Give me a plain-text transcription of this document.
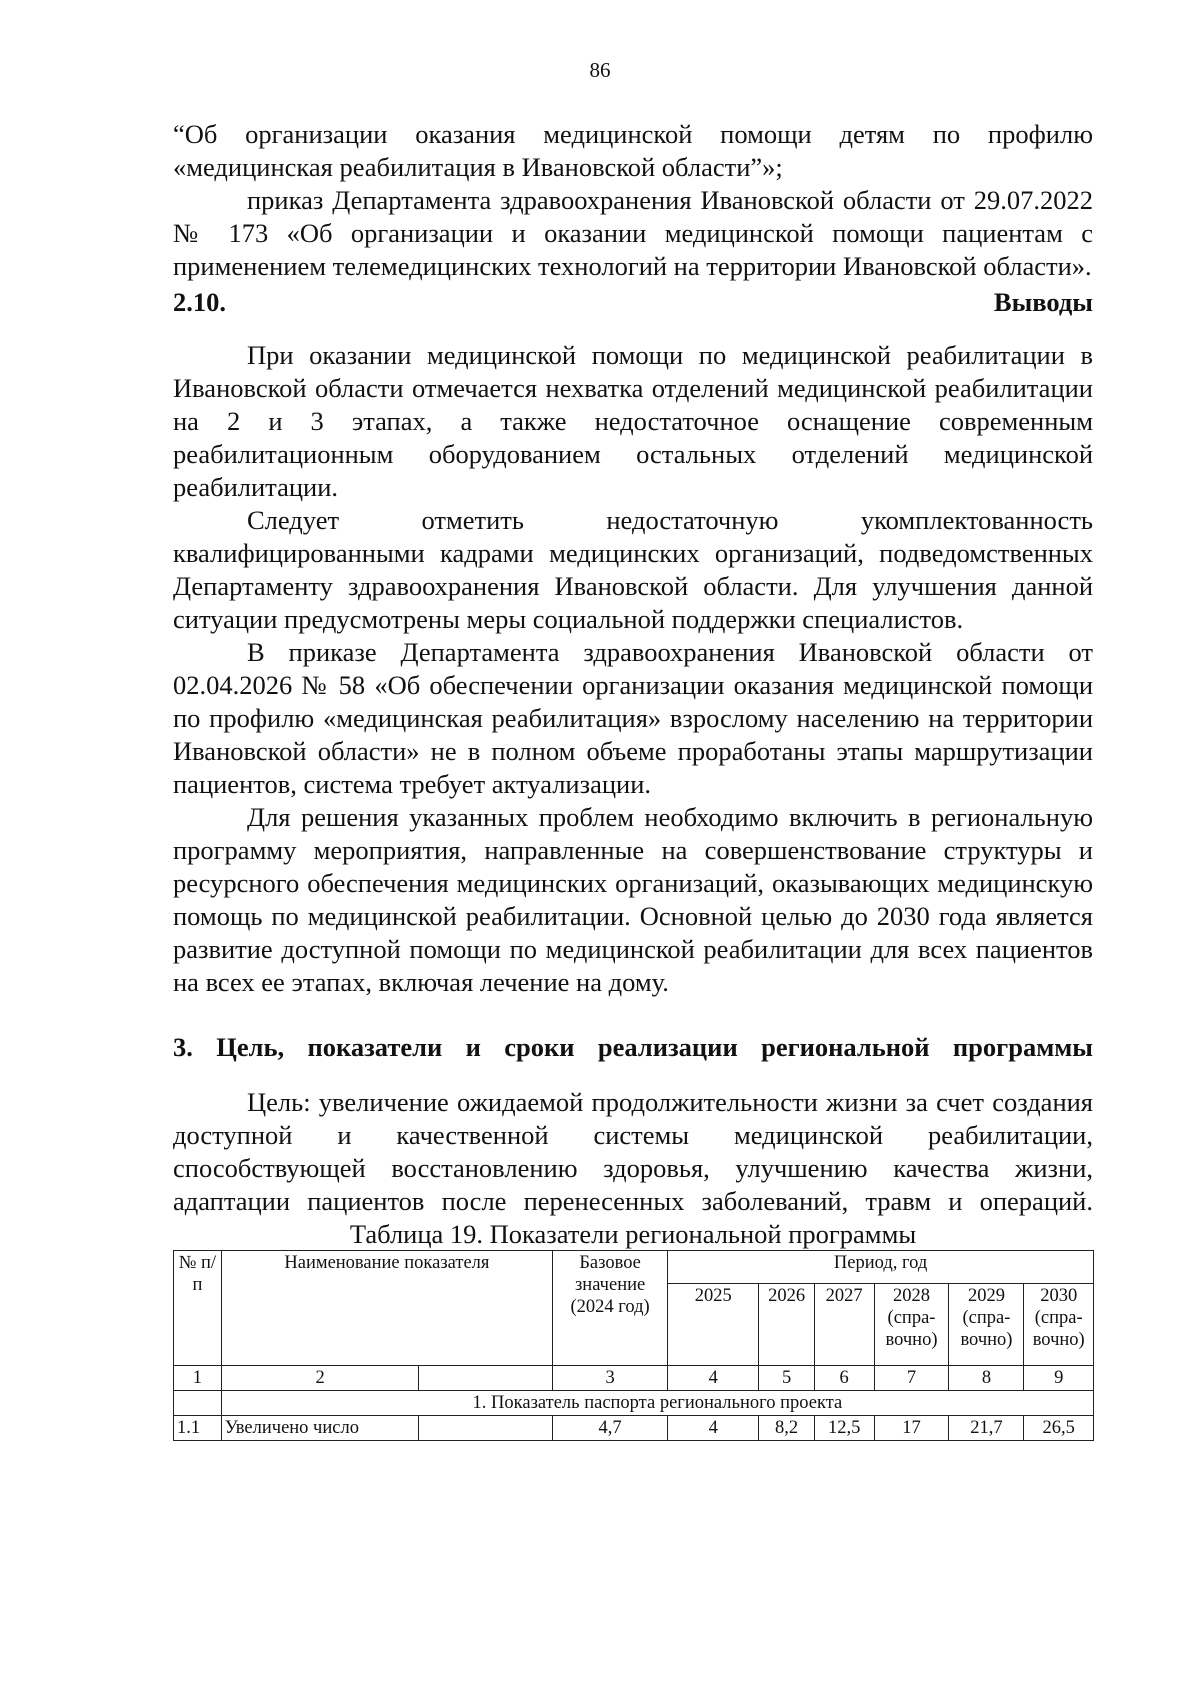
86

“Об организации оказания медицинской помощи детям по профилю «медицинская реабилитация в Ивановской области”»;

приказ Департамента здравоохранения Ивановской области от 29.07.2022 № 173 «Об организации и оказании медицинской помощи пациентам с применением телемедицинских технологий на территории Ивановской области».

2.10. Выводы

При оказании медицинской помощи по медицинской реабилитации в Ивановской области отмечается нехватка отделений медицинской реабилитации на 2 и 3 этапах, а также недостаточное оснащение современным реабилитационным оборудованием остальных отделений медицинской реабилитации.

Следует отметить недостаточную укомплектованность квалифицированными кадрами медицинских организаций, подведомственных Департаменту здравоохранения Ивановской области. Для улучшения данной ситуации предусмотрены меры социальной поддержки специалистов.

В приказе Департамента здравоохранения Ивановской области от 02.04.2026 № 58 «Об обеспечении организации оказания медицинской помощи по профилю «медицинская реабилитация» взрослому населению на территории Ивановской области» не в полном объеме проработаны этапы маршрутизации пациентов, система требует актуализации.

Для решения указанных проблем необходимо включить в региональную программу мероприятия, направленные на совершенствование структуры и ресурсного обеспечения медицинских организаций, оказывающих медицинскую помощь по медицинской реабилитации. Основной целью до 2030 года является развитие доступной помощи по медицинской реабилитации для всех пациентов на всех ее этапах, включая лечение на дому.

3. Цель, показатели и сроки реализации региональной программы

Цель: увеличение ожидаемой продолжительности жизни за счет создания доступной и качественной системы медицинской реабилитации, способствующей восстановлению здоровья, улучшению качества жизни, адаптации пациентов после перенесенных заболеваний, травм и операций.

Таблица 19. Показатели региональной программы
№ п/п	Наименование показателя		Базовое значение (2024 год)	Период, год					
				2025	2026	2027	2028 (спра-вочно)	2029 (спра-вочно)	2030 (спра-вочно)
1	2		3	4	5	6	7	8	9
	1. Показатель паспорта регионального проекта								
1.1	Увеличено число		4,7	4	8,2	12,5	17	21,7	26,5
